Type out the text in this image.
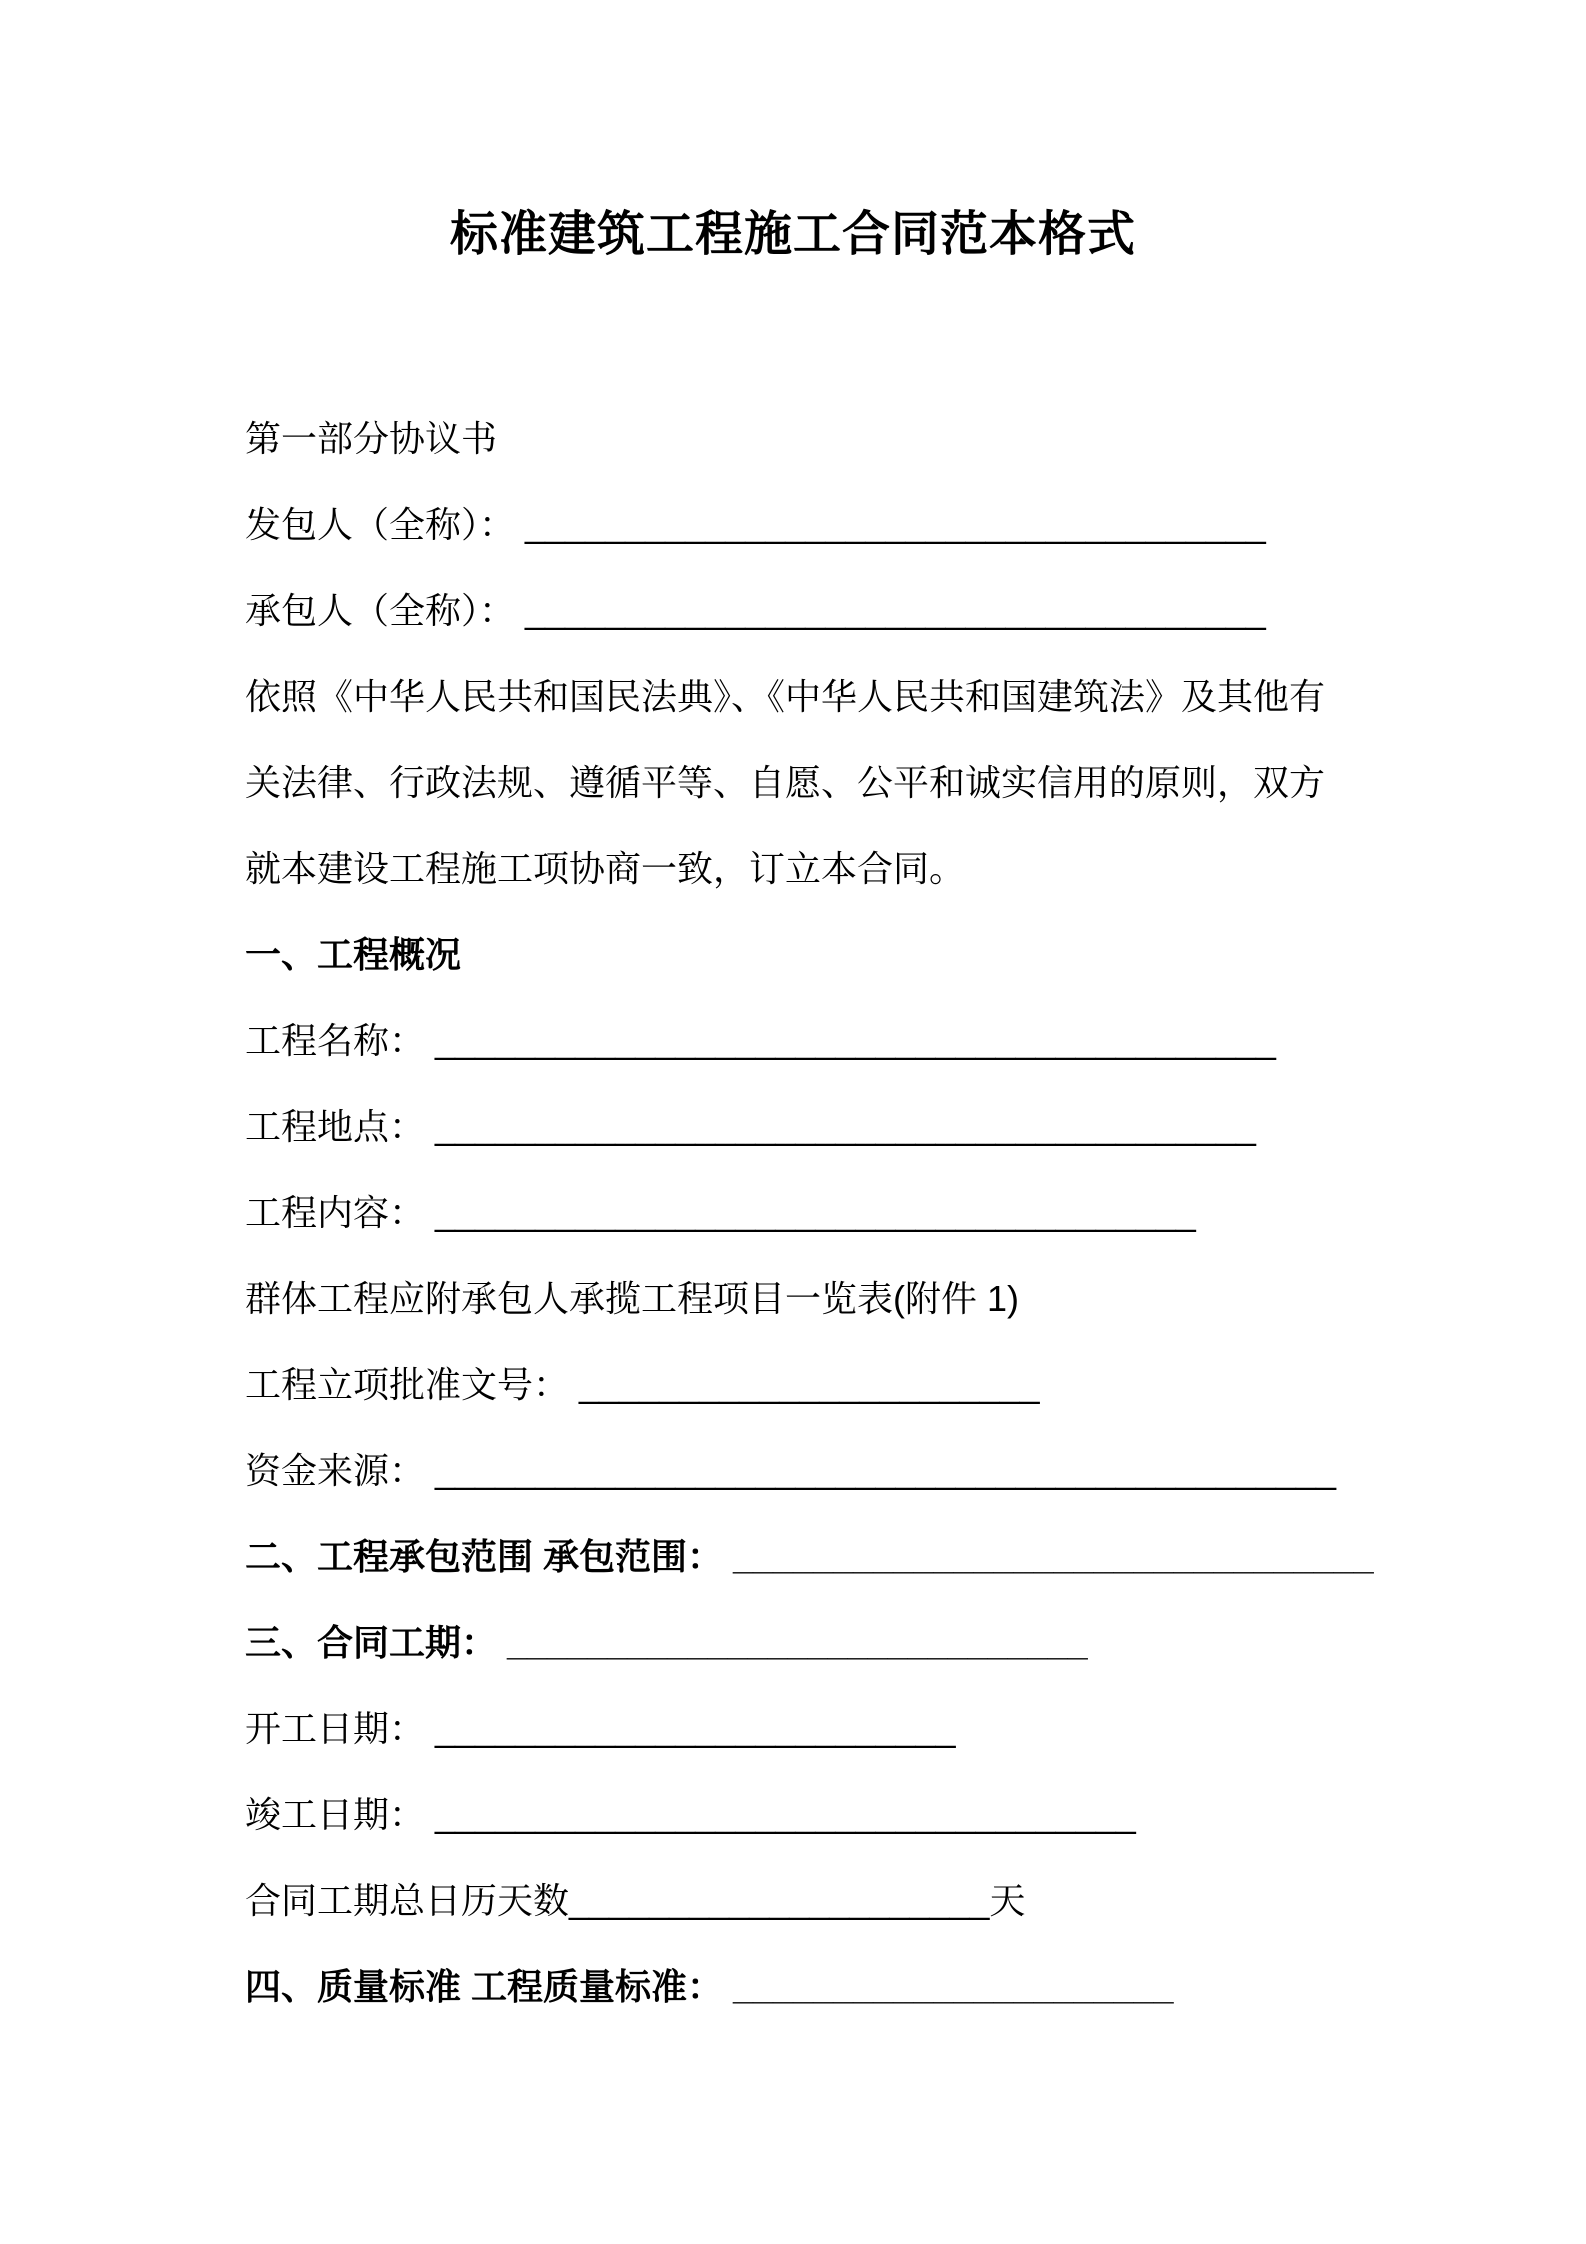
标准建筑工程施工合同范本格式
第一部分协议书
发包人（全称）： _____________________________________
承包人（全称）： _____________________________________
依照《中华人民共和国民法典》、《中华人民共和国建筑法》及其他有
关法律、行政法规、遵循平等、自愿、公平和诚实信用的原则，双方
就本建设工程施工项协商一致，订立本合同。
一、工程概况
工程名称： __________________________________________
工程地点： _________________________________________
工程内容： ______________________________________
群体工程应附承包人承揽工程项目一览表(附件 1)
工程立项批准文号： _______________________
资金来源： _____________________________________________
二、工程承包范围 承包范围： ________________________________
三、合同工期： _____________________________
开工日期： __________________________
竣工日期： ___________________________________
合同工期总日历天数_____________________天
四、质量标准 工程质量标准： ______________________
